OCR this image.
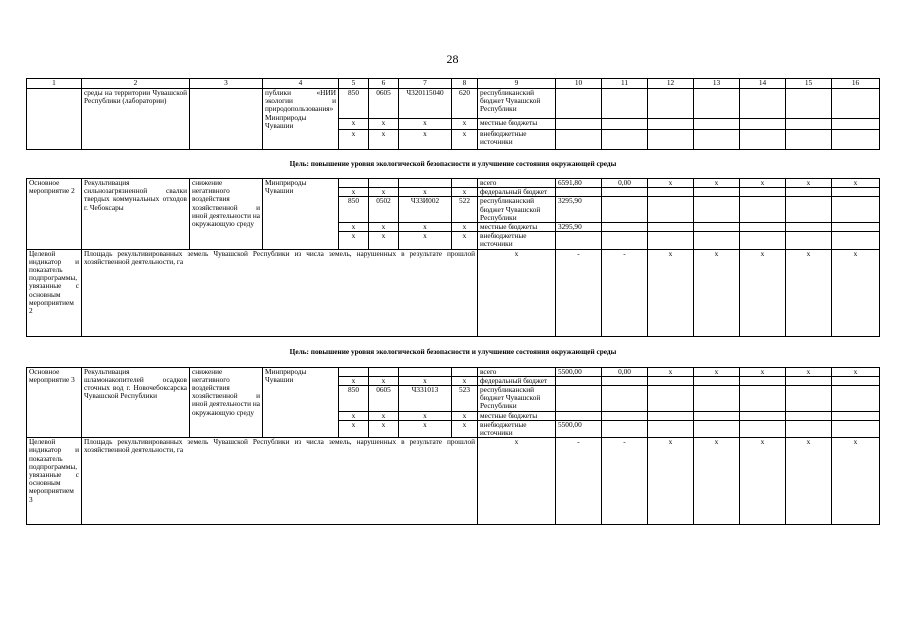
28
1	2	3	4	5	6	7	8	9	10	11	12	13	14	15	16
	среды на территории Чувашской Республики (лаборатории)		публики «НИИ экологии и природопользования» Минприроды Чувашии	850	0605	Ч320115040	620	республиканский бюджет Чувашской Республики							
				х	х	х	х	местные бюджеты							
				х	х	х	х	внебюджетные источники							
Цель: повышение уровня экологической безопасности и улучшение состояния окружающей среды															
Основное мероприятие 2	Рекультивация сильнозагрязненной свалки твердых коммунальных отходов г. Чебоксары	снижение негативного воздействия хозяйственной и иной деятельности на окружающую среду	Минприроды Чувашии					всего	6591,80	0,00	х	х	х	х	х
				х	х	х	х	федеральный бюджет							
				850	0502	Ч33И002	522	республиканский бюджет Чувашской Республики	3295,90						
				х	х	х	х	местные бюджеты	3295,90						
				х	х	х	х	внебюджетные источники							
Целевой индикатор и показатель подпрограммы, увязанные с основным мероприятием 2	Площадь рекультивированных земель Чувашской Республики из числа земель, нарушенных в результате прошлой хозяйственной деятельности, га							х	-	-	х	х	х	х	х
Цель: повышение уровня экологической безопасности и улучшение состояния окружающей среды															
Основное мероприятие 3	Рекультивация шламонакопителей осадков сточных вод г. Новочебоксарска Чувашской Республики	снижение негативного воздействия хозяйственной и иной деятельности на окружающую среду	Минприроды Чувашии					всего	5500,00	0,00	х	х	х	х	х
				х	х	х	х	федеральный бюджет							
				850	0605	Ч331013	523	республиканский бюджет Чувашской Республики							
				х	х	х	х	местные бюджеты							
				х	х	х	х	внебюджетные источники	5500,00						
Целевой индикатор и показатель подпрограммы, увязанные с основным мероприятием 3	Площадь рекультивированных земель Чувашской Республики из числа земель, нарушенных в результате прошлой хозяйственной деятельности, га							х	-	-	х	х	х	х	х
